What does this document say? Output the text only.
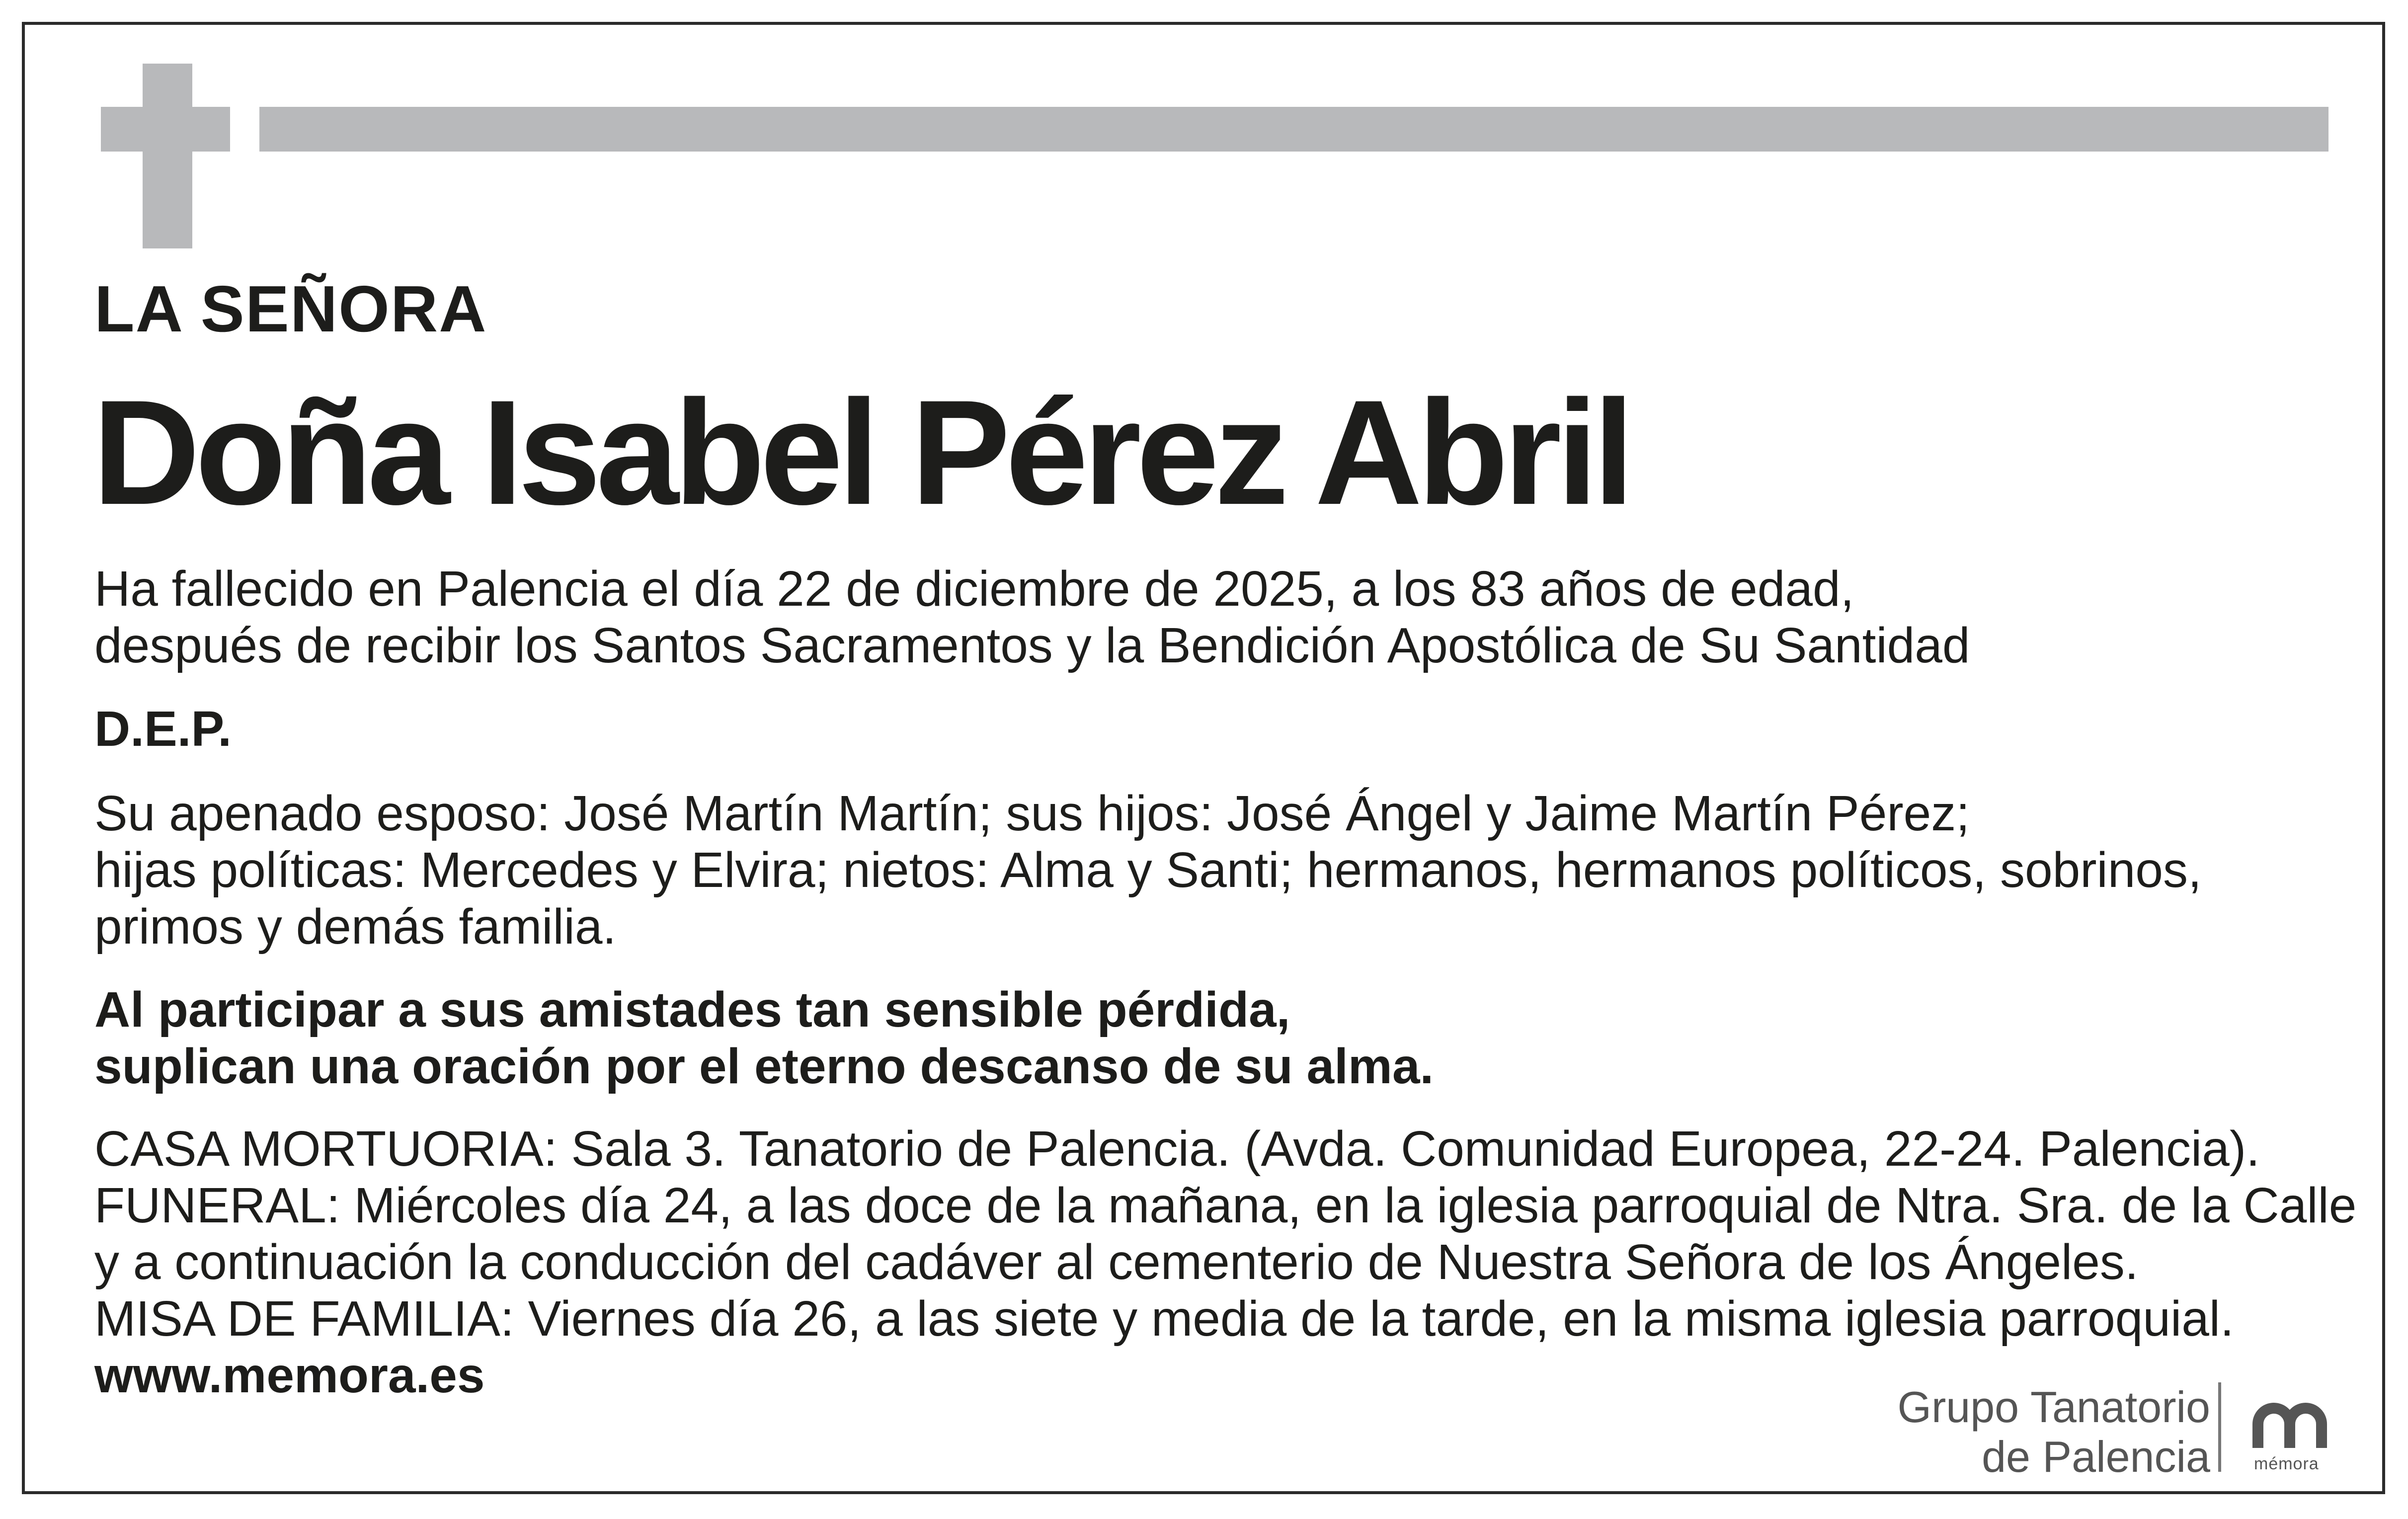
LA SEÑORA
Doña Isabel Pérez Abril
Ha fallecido en Palencia el día 22 de diciembre de 2025, a los 83 años de edad,
después de recibir los Santos Sacramentos y la Bendición Apostólica de Su Santidad
D.E.P.
Su apenado esposo: José Martín Martín; sus hijos: José Ángel y Jaime Martín Pérez;
hijas políticas: Mercedes y Elvira; nietos: Alma y Santi; hermanos, hermanos políticos, sobrinos,
primos y demás familia.
Al participar a sus amistades tan sensible pérdida,
suplican una oración por el eterno descanso de su alma.
CASA MORTUORIA: Sala 3. Tanatorio de Palencia. (Avda. Comunidad Europea, 22-24. Palencia).
FUNERAL: Miércoles día 24, a las doce de la mañana, en la iglesia parroquial de Ntra. Sra. de la Calle
y a continuación la conducción del cadáver al cementerio de Nuestra Señora de los Ángeles.
MISA DE FAMILIA: Viernes día 26, a las siete y media de la tarde, en la misma iglesia parroquial.
www.memora.es
Grupo Tanatorio
de Palencia	mémora
